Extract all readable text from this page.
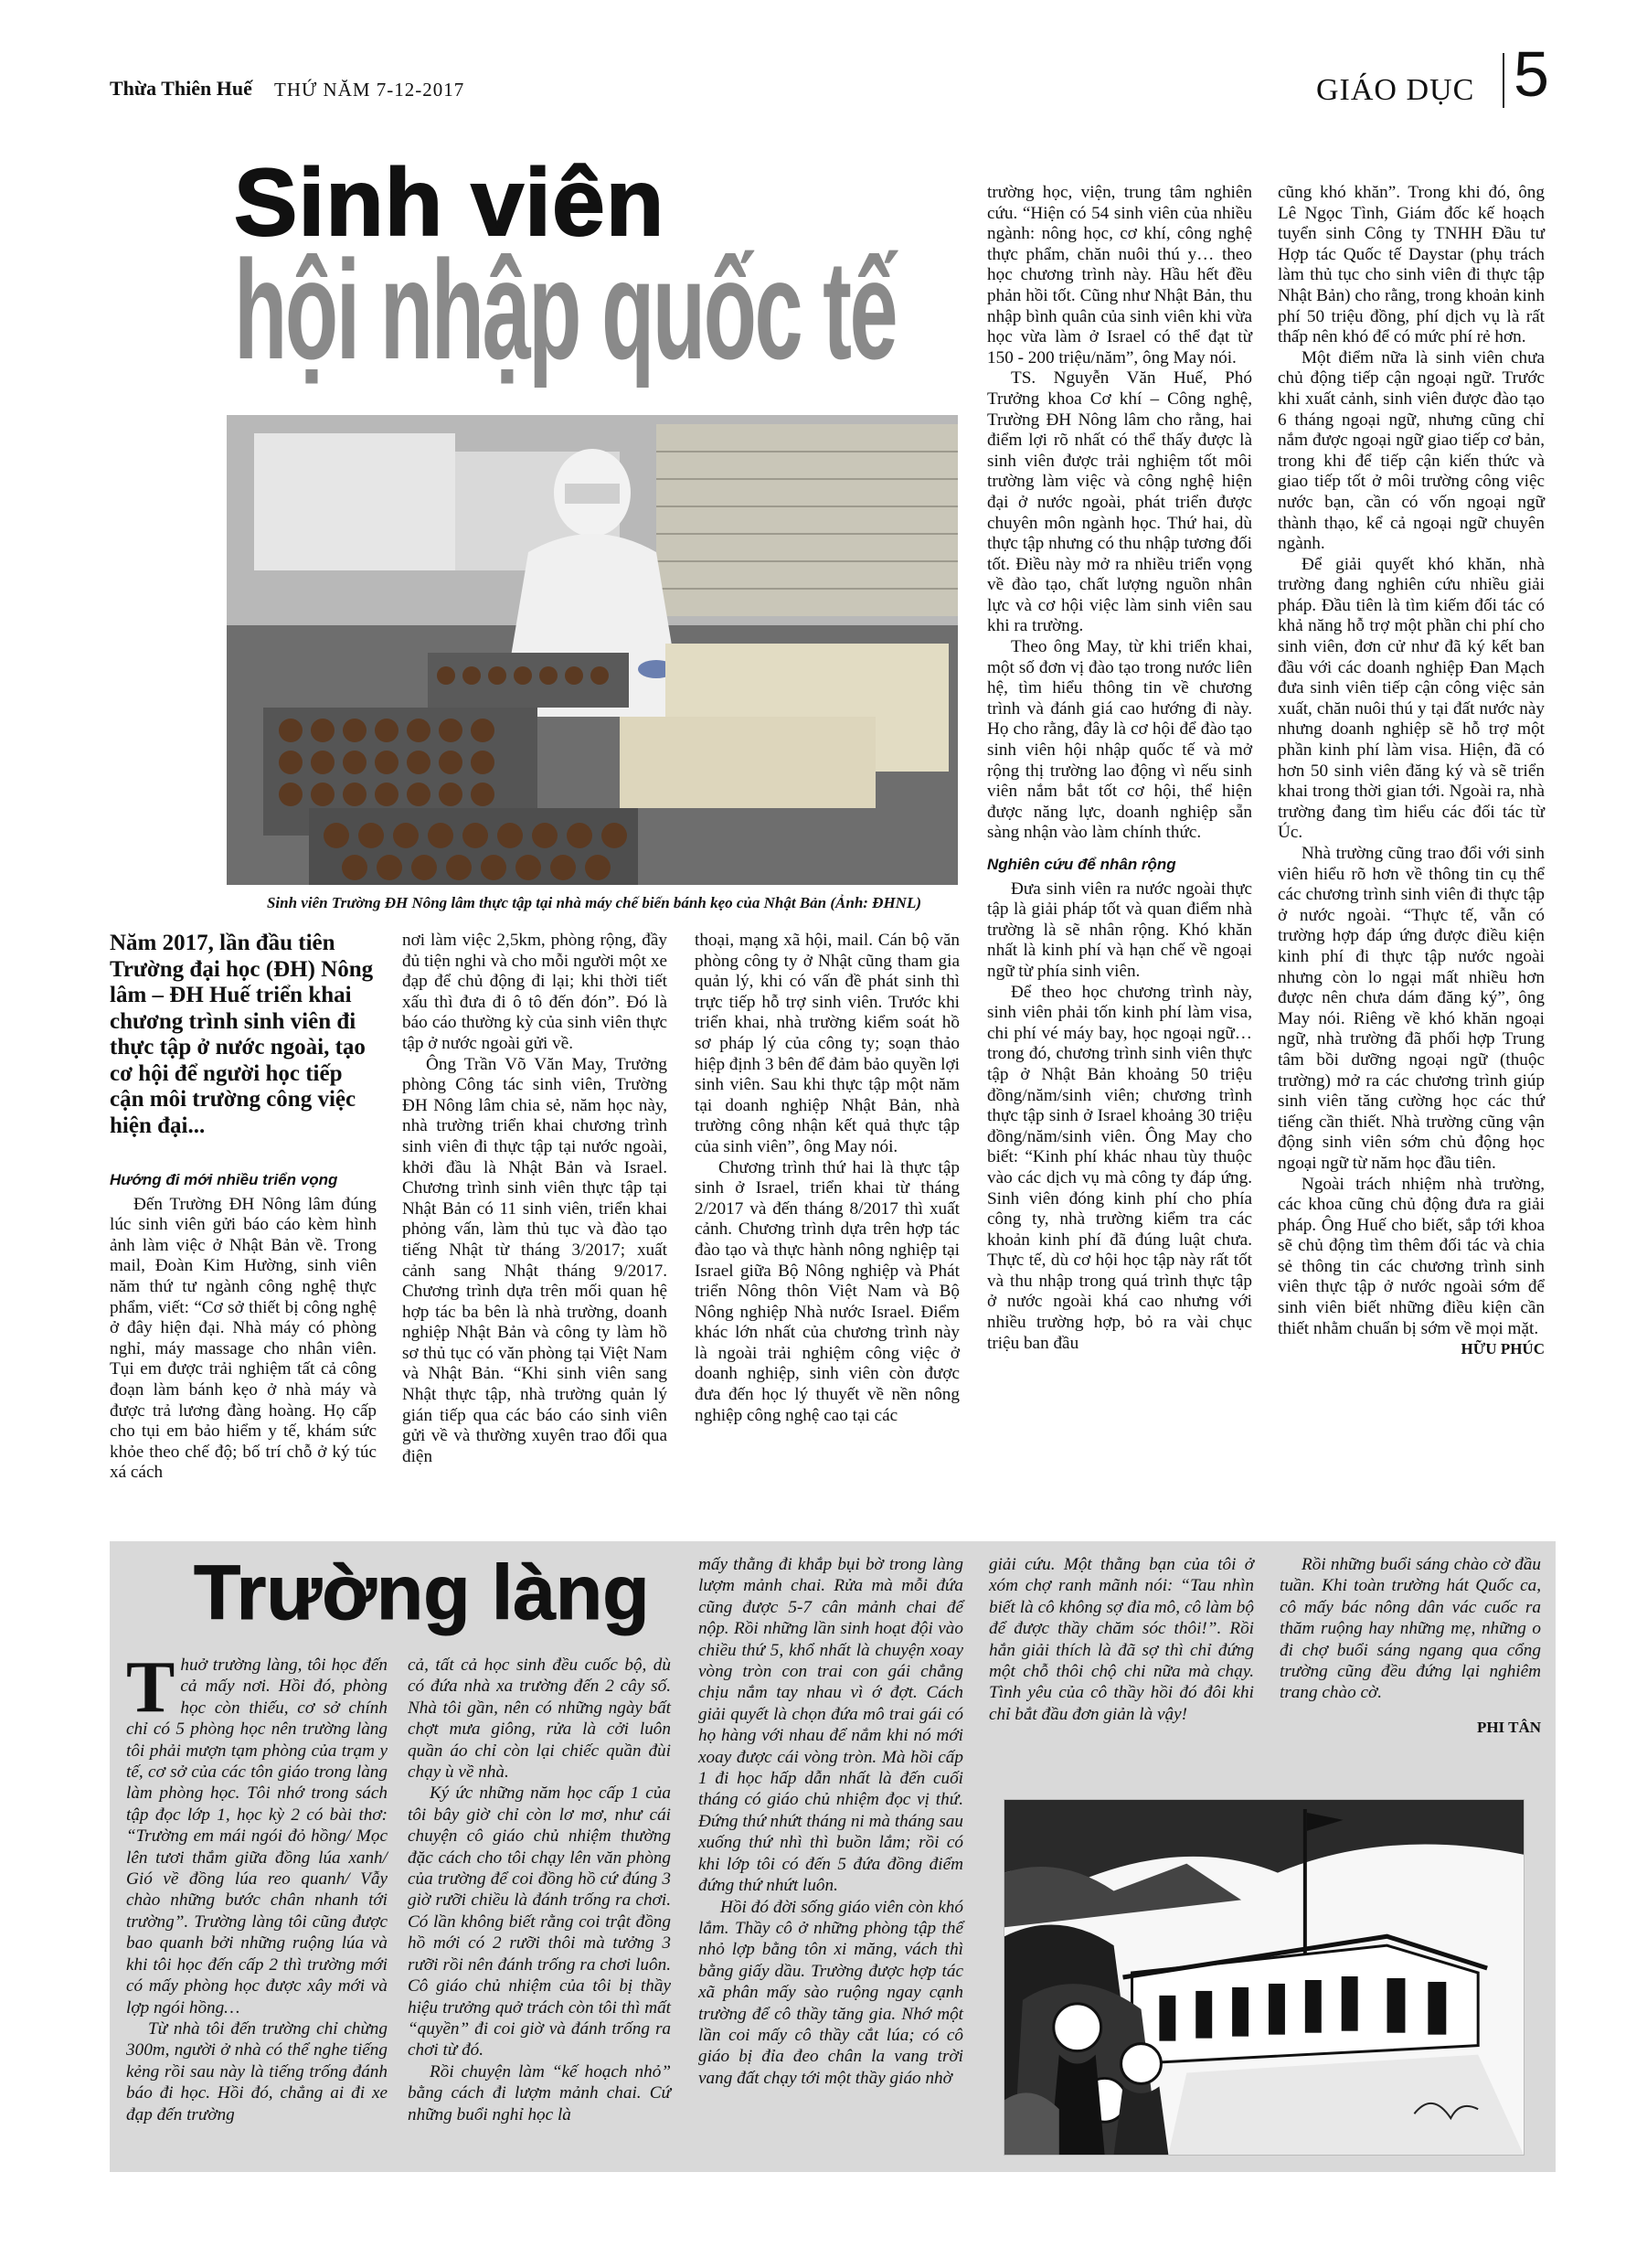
Thừa Thiên Huế THỨ NĂM 7-12-2017	GIÁO DỤC 5
Sinh viên
hội nhập quốc tế
Sinh viên Trường ĐH Nông lâm thực tập tại nhà máy chế biến bánh kẹo của Nhật Bản (Ảnh: ĐHNL)

Năm 2017, lần đầu tiên Trường đại học (ĐH) Nông lâm – ĐH Huế triển khai chương trình sinh viên đi thực tập ở nước ngoài, tạo cơ hội để người học tiếp cận môi trường công việc hiện đại...

Hướng đi mới nhiều triển vọng

Đến Trường ĐH Nông lâm đúng lúc sinh viên gửi báo cáo kèm hình ảnh làm việc ở Nhật Bản về. Trong mail, Đoàn Kim Hường, sinh viên năm thứ tư ngành công nghệ thực phẩm, viết: “Cơ sở thiết bị công nghệ ở đây hiện đại. Nhà máy có phòng nghỉ, máy massage cho nhân viên. Tụi em được trải nghiệm tất cả công đoạn làm bánh kẹo ở nhà máy và được trả lương đàng hoàng. Họ cấp cho tụi em bảo hiểm y tế, khám sức khỏe theo chế độ; bố trí chỗ ở ký túc xá cách

nơi làm việc 2,5km, phòng rộng, đầy đủ tiện nghi và cho mỗi người một xe đạp để chủ động đi lại; khi thời tiết xấu thì đưa đi ô tô đến đón”. Đó là báo cáo thường kỳ của sinh viên thực tập ở nước ngoài gửi về.

Ông Trần Võ Văn May, Trưởng phòng Công tác sinh viên, Trường ĐH Nông lâm chia sẻ, năm học này, nhà trường triển khai chương trình sinh viên đi thực tập tại nước ngoài, khởi đầu là Nhật Bản và Israel. Chương trình sinh viên thực tập tại Nhật Bản có 11 sinh viên, triển khai phỏng vấn, làm thủ tục và đào tạo tiếng Nhật từ tháng 3/2017; xuất cảnh sang Nhật tháng 9/2017. Chương trình dựa trên mối quan hệ hợp tác ba bên là nhà trường, doanh nghiệp Nhật Bản và công ty làm hồ sơ thủ tục có văn phòng tại Việt Nam và Nhật Bản. “Khi sinh viên sang Nhật thực tập, nhà trường quản lý gián tiếp qua các báo cáo sinh viên gửi về và thường xuyên trao đổi qua điện

thoại, mạng xã hội, mail. Cán bộ văn phòng công ty ở Nhật cũng tham gia quản lý, khi có vấn đề phát sinh thì trực tiếp hỗ trợ sinh viên. Trước khi triển khai, nhà trường kiểm soát hồ sơ pháp lý của công ty; soạn thảo hiệp định 3 bên để đảm bảo quyền lợi sinh viên. Sau khi thực tập một năm tại doanh nghiệp Nhật Bản, nhà trường công nhận kết quả thực tập của sinh viên”, ông May nói.

Chương trình thứ hai là thực tập sinh ở Israel, triển khai từ tháng 2/2017 và đến tháng 8/2017 thì xuất cảnh. Chương trình dựa trên hợp tác đào tạo và thực hành nông nghiệp tại Israel giữa Bộ Nông nghiệp và Phát triển Nông thôn Việt Nam và Bộ Nông nghiệp Nhà nước Israel. Điểm khác lớn nhất của chương trình này là ngoài trải nghiệm công việc ở doanh nghiệp, sinh viên còn được đưa đến học lý thuyết về nền nông nghiệp công nghệ cao tại các

trường học, viện, trung tâm nghiên cứu. “Hiện có 54 sinh viên của nhiều ngành: nông học, cơ khí, công nghệ thực phẩm, chăn nuôi thú y… theo học chương trình này. Hầu hết đều phản hồi tốt. Cũng như Nhật Bản, thu nhập bình quân của sinh viên khi vừa học vừa làm ở Israel có thể đạt từ 150 - 200 triệu/năm”, ông May nói.

TS. Nguyễn Văn Huế, Phó Trưởng khoa Cơ khí – Công nghệ, Trường ĐH Nông lâm cho rằng, hai điểm lợi rõ nhất có thể thấy được là sinh viên được trải nghiệm tốt môi trường làm việc và công nghệ hiện đại ở nước ngoài, phát triển được chuyên môn ngành học. Thứ hai, dù thực tập nhưng có thu nhập tương đối tốt. Điều này mở ra nhiều triển vọng về đào tạo, chất lượng nguồn nhân lực và cơ hội việc làm sinh viên sau khi ra trường.

Theo ông May, từ khi triển khai, một số đơn vị đào tạo trong nước liên hệ, tìm hiểu thông tin về chương trình và đánh giá cao hướng đi này. Họ cho rằng, đây là cơ hội để đào tạo sinh viên hội nhập quốc tế và mở rộng thị trường lao động vì nếu sinh viên nắm bắt tốt cơ hội, thể hiện được năng lực, doanh nghiệp sẵn sàng nhận vào làm chính thức.

Nghiên cứu để nhân rộng

Đưa sinh viên ra nước ngoài thực tập là giải pháp tốt và quan điểm nhà trường là sẽ nhân rộng. Khó khăn nhất là kinh phí và hạn chế về ngoại ngữ từ phía sinh viên.

Để theo học chương trình này, sinh viên phải tốn kinh phí làm visa, chi phí vé máy bay, học ngoại ngữ… trong đó, chương trình sinh viên thực tập ở Nhật Bản khoảng 50 triệu đồng/năm/sinh viên; chương trình thực tập sinh ở Israel khoảng 30 triệu đồng/năm/sinh viên. Ông May cho biết: “Kinh phí khác nhau tùy thuộc vào các dịch vụ mà công ty đáp ứng. Sinh viên đóng kinh phí cho phía công ty, nhà trường kiểm tra các khoản kinh phí đã đúng luật chưa. Thực tế, dù cơ hội học tập này rất tốt và thu nhập trong quá trình thực tập ở nước ngoài khá cao nhưng với nhiều trường hợp, bỏ ra vài chục triệu ban đầu

cũng khó khăn”. Trong khi đó, ông Lê Ngọc Tình, Giám đốc kế hoạch tuyển sinh Công ty TNHH Đầu tư Hợp tác Quốc tế Daystar (phụ trách làm thủ tục cho sinh viên đi thực tập Nhật Bản) cho rằng, trong khoản kinh phí 50 triệu đồng, phí dịch vụ là rất thấp nên khó để có mức phí rẻ hơn.

Một điểm nữa là sinh viên chưa chủ động tiếp cận ngoại ngữ. Trước khi xuất cảnh, sinh viên được đào tạo 6 tháng ngoại ngữ, nhưng cũng chỉ nắm được ngoại ngữ giao tiếp cơ bản, trong khi để tiếp cận kiến thức và giao tiếp tốt ở môi trường công việc nước bạn, cần có vốn ngoại ngữ thành thạo, kể cả ngoại ngữ chuyên ngành.

Để giải quyết khó khăn, nhà trường đang nghiên cứu nhiều giải pháp. Đầu tiên là tìm kiếm đối tác có khả năng hỗ trợ một phần chi phí cho sinh viên, đơn cử như đã ký kết ban đầu với các doanh nghiệp Đan Mạch đưa sinh viên tiếp cận công việc sản xuất, chăn nuôi thú y tại đất nước này nhưng doanh nghiệp sẽ hỗ trợ một phần kinh phí làm visa. Hiện, đã có hơn 50 sinh viên đăng ký và sẽ triển khai trong thời gian tới. Ngoài ra, nhà trường đang tìm hiểu các đối tác từ Úc.

Nhà trường cũng trao đổi với sinh viên hiểu rõ hơn về thông tin cụ thể các chương trình sinh viên đi thực tập ở nước ngoài. “Thực tế, vẫn có trường hợp đáp ứng được điều kiện kinh phí đi thực tập nước ngoài nhưng còn lo ngại mất nhiều hơn được nên chưa dám đăng ký”, ông May nói. Riêng về khó khăn ngoại ngữ, nhà trường đã phối hợp Trung tâm bồi dưỡng ngoại ngữ (thuộc trường) mở ra các chương trình giúp sinh viên tăng cường học các thứ tiếng cần thiết. Nhà trường cũng vận động sinh viên sớm chủ động học ngoại ngữ từ năm học đầu tiên.

Ngoài trách nhiệm nhà trường, các khoa cũng chủ động đưa ra giải pháp. Ông Huế cho biết, sắp tới khoa sẽ chủ động tìm thêm đối tác và chia sẻ thông tin các chương trình sinh viên thực tập ở nước ngoài sớm để sinh viên biết những điều kiện cần thiết nhằm chuẩn bị sớm về mọi mặt.

HỮU PHÚC

Trường làng

Thuở trường làng, tôi học đến cả mấy nơi. Hồi đó, phòng học còn thiếu, cơ sở chính chỉ có 5 phòng học nên trường làng tôi phải mượn tạm phòng của trạm y tế, cơ sở của các tôn giáo trong làng làm phòng học. Tôi nhớ trong sách tập đọc lớp 1, học kỳ 2 có bài thơ: “Trường em mái ngói đỏ hồng/ Mọc lên tươi thắm giữa đồng lúa xanh/ Gió về đồng lúa reo quanh/ Vẫy chào những bước chân nhanh tới trường”. Trường làng tôi cũng được bao quanh bởi những ruộng lúa và khi tôi học đến cấp 2 thì trường mới có mấy phòng học được xây mới và lợp ngói hồng…

Từ nhà tôi đến trường chỉ chừng 300m, người ở nhà có thể nghe tiếng kẻng rồi sau này là tiếng trống đánh báo đi học. Hồi đó, chẳng ai đi xe đạp đến trường

cả, tất cả học sinh đều cuốc bộ, dù có đứa nhà xa trường đến 2 cây số. Nhà tôi gần, nên có những ngày bất chợt mưa giông, rửa là cởi luôn quần áo chỉ còn lại chiếc quần đùi chạy ù về nhà.

Ký ức những năm học cấp 1 của tôi bây giờ chỉ còn lơ mơ, như cái chuyện cô giáo chủ nhiệm thường đặc cách cho tôi chạy lên văn phòng của trường để coi đồng hồ cứ đúng 3 giờ rưỡi chiều là đánh trống ra chơi. Có lần không biết rằng coi trật đồng hồ mới có 2 rưỡi thôi mà tưởng 3 rưỡi rồi nên đánh trống ra chơi luôn. Cô giáo chủ nhiệm của tôi bị thầy hiệu trưởng quở trách còn tôi thì mất “quyền” đi coi giờ và đánh trống ra chơi từ đó.

Rồi chuyện làm “kế hoạch nhỏ” bằng cách đi lượm mảnh chai. Cứ những buổi nghỉ học là

mấy thằng đi khắp bụi bờ trong làng lượm mảnh chai. Rửa mà mỗi đứa cũng được 5-7 cân mảnh chai để nộp. Rồi những lần sinh hoạt đội vào chiều thứ 5, khổ nhất là chuyện xoay vòng tròn con trai con gái chẳng chịu nắm tay nhau vì ớ đợt. Cách giải quyết là chọn đứa mô trai gái có họ hàng với nhau để nắm khi nó mới xoay được cái vòng tròn. Mà hồi cấp 1 đi học hấp dẫn nhất là đến cuối tháng có giáo chủ nhiệm đọc vị thứ. Đứng thứ nhứt tháng ni mà tháng sau xuống thứ nhì thì buồn lắm; rồi có khi lớp tôi có đến 5 đứa đồng điểm đứng thứ nhứt luôn.

Hồi đó đời sống giáo viên còn khó lắm. Thầy cô ở những phòng tập thể nhỏ lợp bằng tôn xi măng, vách thì bằng giấy dầu. Trường được hợp tác xã phân mấy sào ruộng ngay cạnh trường để cô thầy tăng gia. Nhớ một lần coi mấy cô thầy cắt lúa; có cô giáo bị đỉa đeo chân la vang trời vang đất chạy tới một thầy giáo nhờ

giải cứu. Một thằng bạn của tôi ở xóm chợ ranh mãnh nói: “Tau nhìn biết là cô không sợ đỉa mô, cô làm bộ để được thầy chăm sóc thôi!”. Rồi hắn giải thích là đã sợ thì chỉ đứng một chỗ thôi chộ chi nữa mà chạy. Tình yêu của cô thầy hồi đó đôi khi chỉ bắt đầu đơn giản là vậy!

Rồi những buổi sáng chào cờ đầu tuần. Khi toàn trường hát Quốc ca, cô mấy bác nông dân vác cuốc ra thăm ruộng hay những mẹ, những o đi chợ buổi sáng ngang qua cổng trường cũng đều đứng lại nghiêm trang chào cờ.

PHI TÂN
